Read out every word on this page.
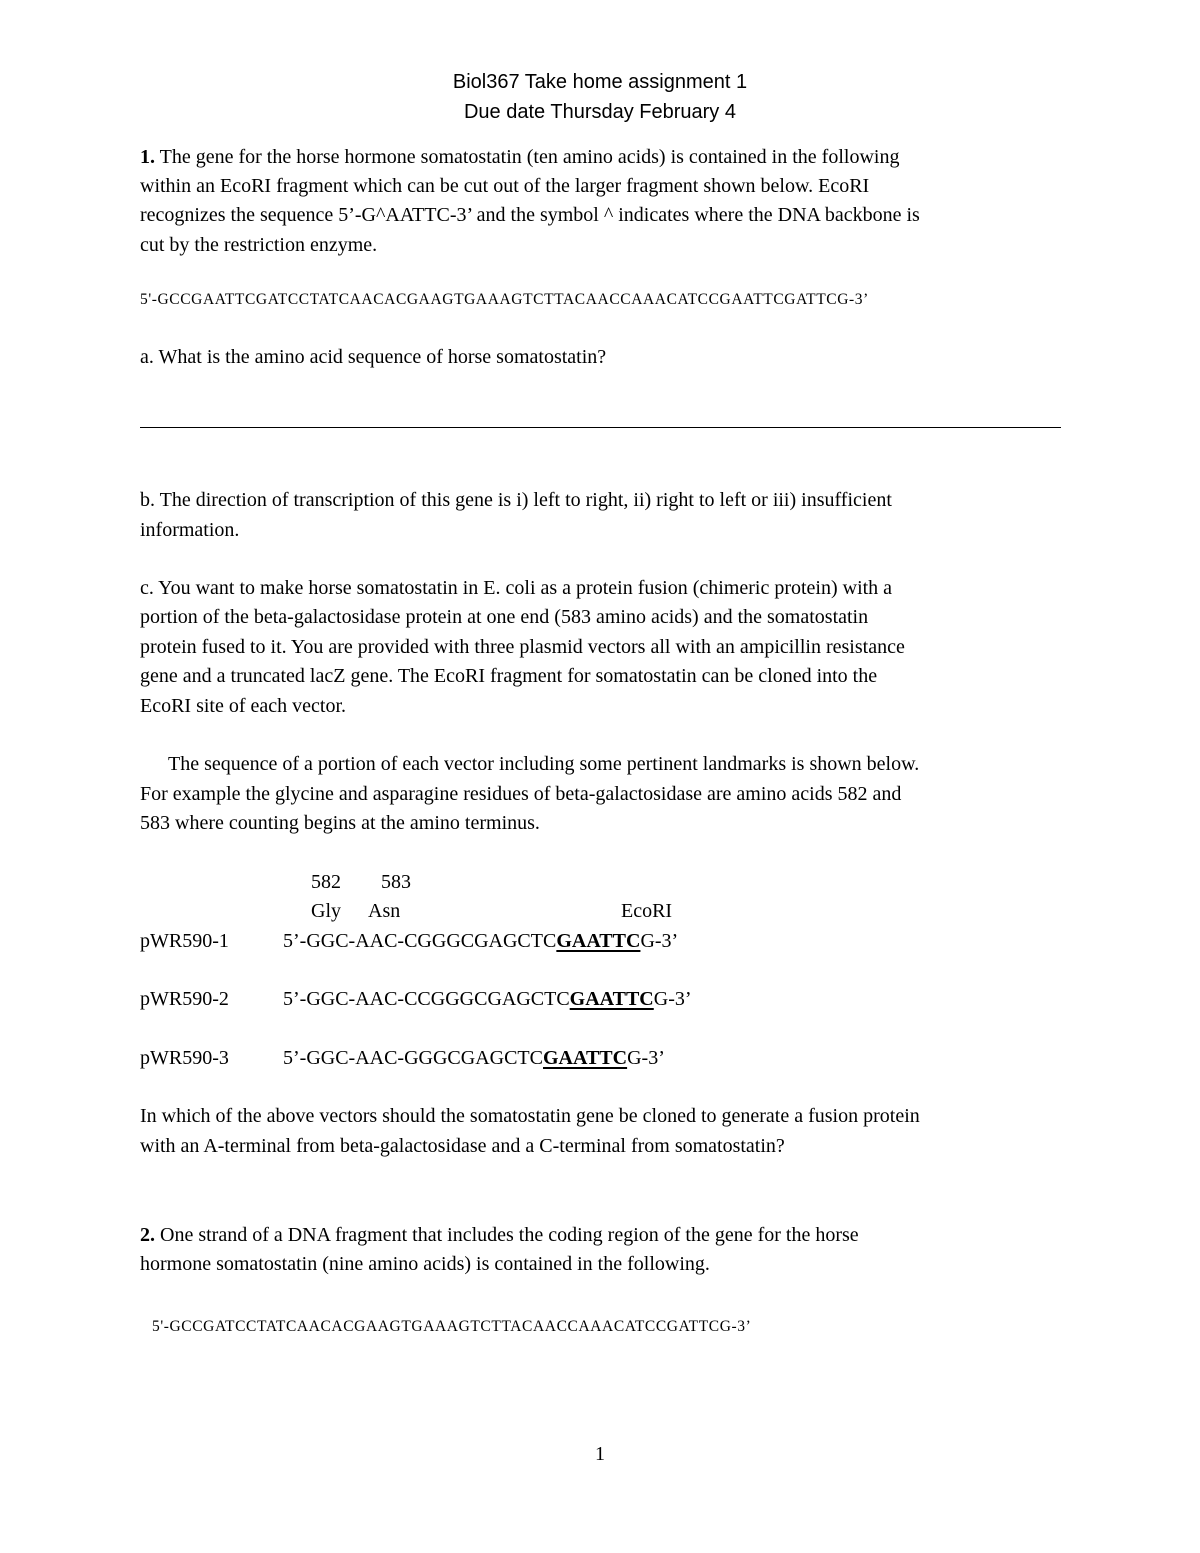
Biol367 Take home assignment 1
Due date Thursday February 4
1. The gene for the horse hormone somatostatin (ten amino acids) is contained in the following
within an EcoRI fragment which can be cut out of the larger fragment shown below. EcoRI
recognizes the sequence 5’-G^AATTC-3’ and the symbol ^ indicates where the DNA backbone is
cut by the restriction enzyme.
5'-GCCGAATTCGATCCTATCAACACGAAGTGAAAGTCTTACAACCAAACATCCGAATTCGATTCG-3’
a. What is the amino acid sequence of horse somatostatin?
b. The direction of transcription of this gene is i) left to right, ii) right to left or iii) insufficient
information.
c. You want to make horse somatostatin in E. coli as a protein fusion (chimeric protein) with a
portion of the beta-galactosidase protein at one end (583 amino acids) and the somatostatin
protein fused to it. You are provided with three plasmid vectors all with an ampicillin resistance
gene and a truncated lacZ gene. The EcoRI fragment for somatostatin can be cloned into the
EcoRI site of each vector.
The sequence of a portion of each vector including some pertinent landmarks is shown below.
For example the glycine and asparagine residues of beta-galactosidase are amino acids 582 and
583 where counting begins at the amino terminus.
582 583
Gly Asn	EcoRI
pWR590-1	5’-GGC-AAC-CGGGCGAGCTCGAATTCG-3’
pWR590-2	5’-GGC-AAC-CCGGGCGAGCTCGAATTCG-3’
pWR590-3	5’-GGC-AAC-GGGCGAGCTCGAATTCG-3’
In which of the above vectors should the somatostatin gene be cloned to generate a fusion protein
with an A-terminal from beta-galactosidase and a C-terminal from somatostatin?
2. One strand of a DNA fragment that includes the coding region of the gene for the horse
hormone somatostatin (nine amino acids) is contained in the following.
5'-GCCGATCCTATCAACACGAAGTGAAAGTCTTACAACCAAACATCCGATTCG-3’
1
